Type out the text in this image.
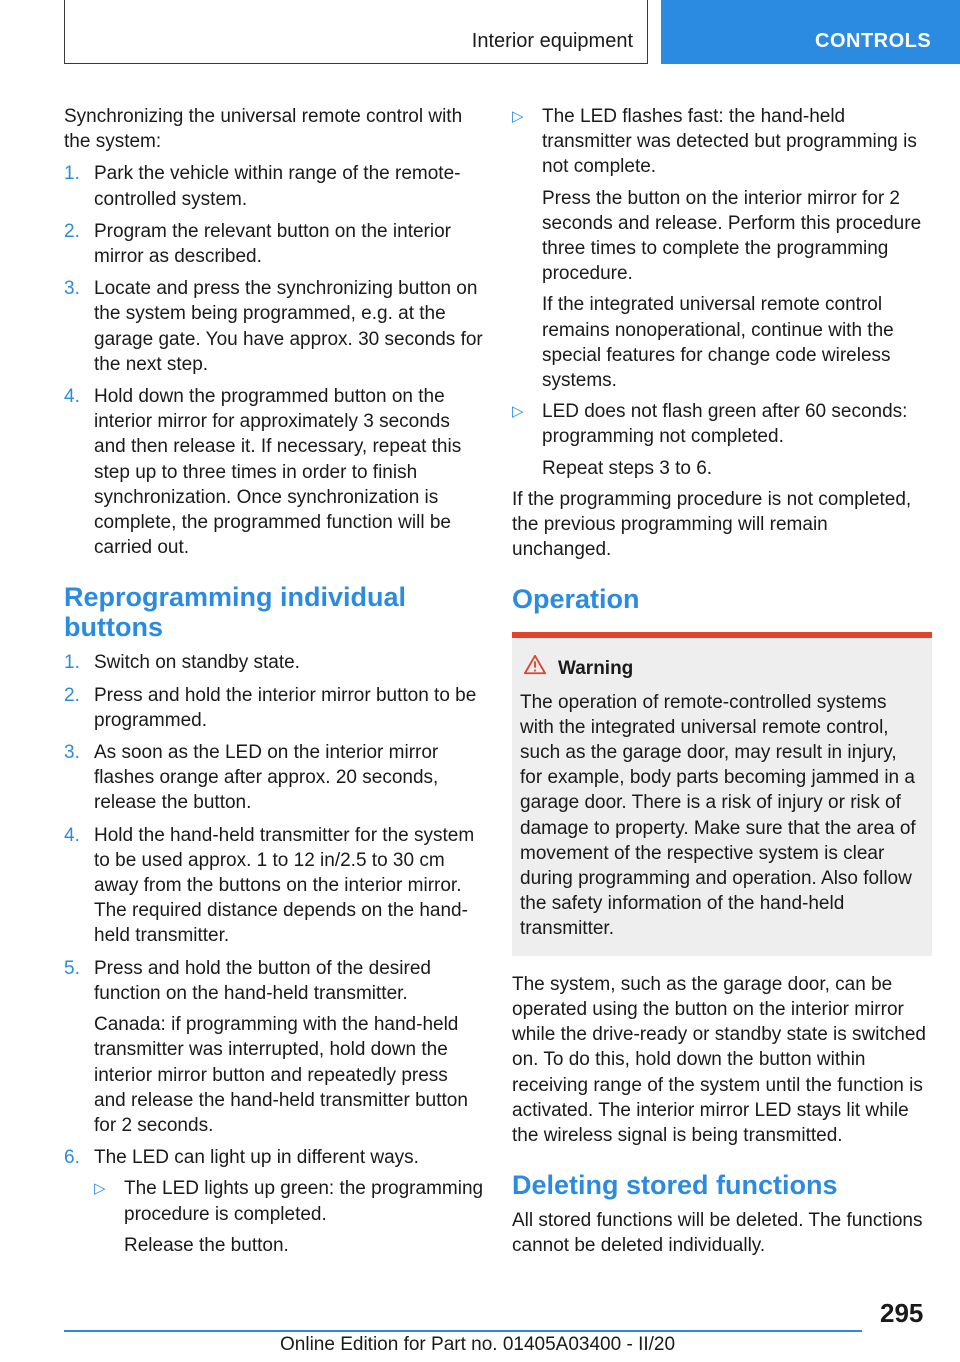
Interior equipment	CONTROLS

Synchronizing the universal remote control with the system:

1. Park the vehicle within range of the remote-controlled system.

2. Program the relevant button on the interior mirror as described.

3. Locate and press the synchronizing button on the system being programmed, e.g. at the garage gate. You have approx. 30 seconds for the next step.

4. Hold down the programmed button on the interior mirror for approximately 3 seconds and then release it. If necessary, repeat this step up to three times in order to finish synchronization. Once synchronization is complete, the programmed function will be carried out.

Reprogramming individual buttons
1. Switch on standby state.

2. Press and hold the interior mirror button to be programmed.

3. As soon as the LED on the interior mirror flashes orange after approx. 20 seconds, release the button.

4. Hold the hand-held transmitter for the system to be used approx. 1 to 12 in/2.5 to 30 cm away from the buttons on the interior mirror. The required distance depends on the hand-held transmitter.

5. Press and hold the button of the desired function on the hand-held transmitter.

Canada: if programming with the hand-held transmitter was interrupted, hold down the interior mirror button and repeatedly press and release the hand-held transmitter button for 2 seconds.

6. The LED can light up in different ways.

▷ The LED lights up green: the programming procedure is completed.

Release the button.

▷ The LED flashes fast: the hand-held transmitter was detected but programming is not complete.

Press the button on the interior mirror for 2 seconds and release. Perform this procedure three times to complete the programming procedure.

If the integrated universal remote control remains nonoperational, continue with the special features for change code wireless systems.

▷ LED does not flash green after 60 seconds: programming not completed.

Repeat steps 3 to 6.

If the programming procedure is not completed, the previous programming will remain unchanged.

Operation
Warning

The operation of remote-controlled systems with the integrated universal remote control, such as the garage door, may result in injury, for example, body parts becoming jammed in a garage door. There is a risk of injury or risk of damage to property. Make sure that the area of movement of the respective system is clear during programming and operation. Also follow the safety information of the hand-held transmitter.

The system, such as the garage door, can be operated using the button on the interior mirror while the drive-ready or standby state is switched on. To do this, hold down the button within receiving range of the system until the function is activated. The interior mirror LED stays lit while the wireless signal is being transmitted.

Deleting stored functions

All stored functions will be deleted. The functions cannot be deleted individually.

295
Online Edition for Part no. 01405A03400 - II/20
